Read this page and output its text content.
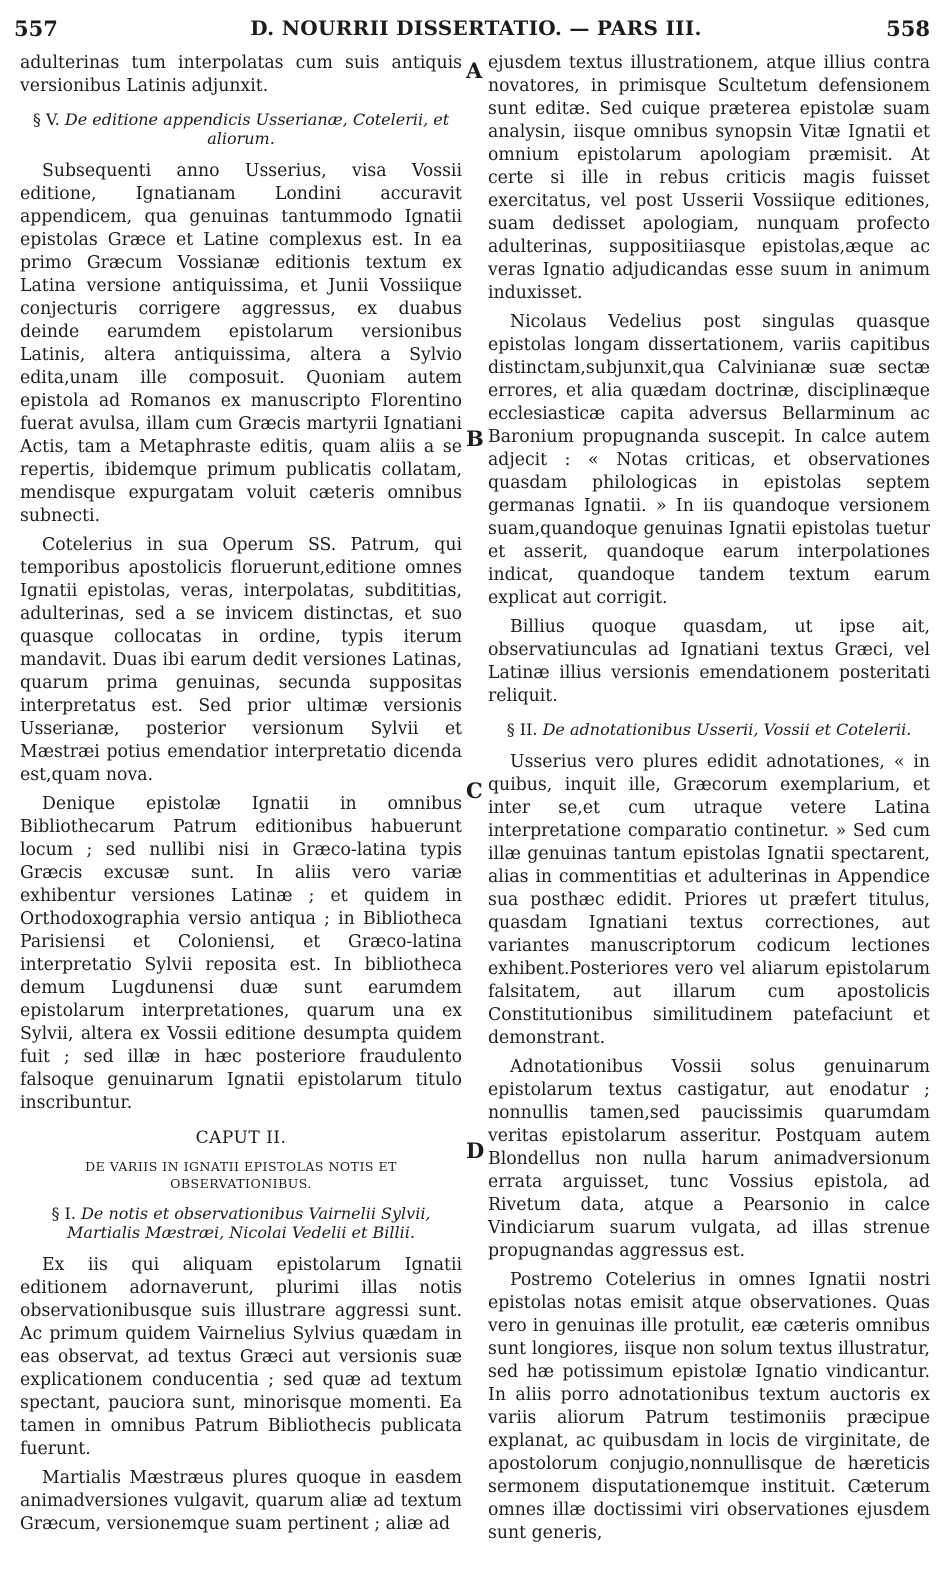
557	D. NOURRII DISSERTATIO. — PARS III.	558
A
B
C
D

adulterinas tum interpolatas cum suis antiquis versionibus Latinis adjunxit.

§ V. De editione appendicis Usserianæ, Cotelerii, et aliorum.

Subsequenti anno Usserius, visa Vossii editione, Ignatianam Londini accuravit appendicem, qua genuinas tantummodo Ignatii epistolas Græce et Latine complexus est. In ea primo Græcum Vossianæ editionis textum ex Latina versione antiquissima, et Junii Vossiique conjecturis corrigere aggressus, ex duabus deinde earumdem epistolarum versionibus Latinis, altera antiquissima, altera a Sylvio edita,unam ille composuit. Quoniam autem epistola ad Romanos ex manuscripto Florentino fuerat avulsa, illam cum Græcis martyrii Ignatiani Actis, tam a Metaphraste editis, quam aliis a se repertis, ibidemque primum publicatis collatam, mendisque expurgatam voluit cæteris omnibus subnecti.

Cotelerius in sua Operum SS. Patrum, qui temporibus apostolicis floruerunt,editione omnes Ignatii epistolas, veras, interpolatas, subdititias, adulterinas, sed a se invicem distinctas, et suo quasque collocatas in ordine, typis iterum mandavit. Duas ibi earum dedit versiones Latinas, quarum prima genuinas, secunda suppositas interpretatus est. Sed prior ultimæ versionis Usserianæ, posterior versionum Sylvii et Mæstræi potius emendatior interpretatio dicenda est,quam nova.

Denique epistolæ Ignatii in omnibus Bibliothecarum Patrum editionibus habuerunt locum ; sed nullibi nisi in Græco-latina typis Græcis excusæ sunt. In aliis vero variæ exhibentur versiones Latinæ ; et quidem in Orthodoxographia versio antiqua ; in Bibliotheca Parisiensi et Coloniensi, et Græco-latina interpretatio Sylvii reposita est. In bibliotheca demum Lugdunensi duæ sunt earumdem epistolarum interpretationes, quarum una ex Sylvii, altera ex Vossii editione desumpta quidem fuit ; sed illæ in hæc posteriore fraudulento falsoque genuinarum Ignatii epistolarum titulo inscribuntur.

CAPUT II.
DE VARIIS IN IGNATII EPISTOLAS NOTIS ET OBSERVATIONIBUS.
§ I. De notis et observationibus Vairnelii Sylvii, Martialis Mæstræi, Nicolai Vedelii et Billii.

Ex iis qui aliquam epistolarum Ignatii editionem adornaverunt, plurimi illas notis observationibusque suis illustrare aggressi sunt. Ac primum quidem Vairnelius Sylvius quædam in eas observat, ad textus Græci aut versionis suæ explicationem conducentia ; sed quæ ad textum spectant, pauciora sunt, minorisque momenti. Ea tamen in omnibus Patrum Bibliothecis publicata fuerunt.

Martialis Mæstræus plures quoque in easdem animadversiones vulgavit, quarum aliæ ad textum Græcum, versionemque suam pertinent ; aliæ ad

ejusdem textus illustrationem, atque illius contra novatores, in primisque Scultetum defensionem sunt editæ. Sed cuique præterea epistolæ suam analysin, iisque omnibus synopsin Vitæ Ignatii et omnium epistolarum apologiam præmisit. At certe si ille in rebus criticis magis fuisset exercitatus, vel post Usserii Vossiique editiones, suam dedisset apologiam, nunquam profecto adulterinas, suppositiiasque epistolas,æque ac veras Ignatio adjudicandas esse suum in animum induxisset.

Nicolaus Vedelius post singulas quasque epistolas longam dissertationem, variis capitibus distinctam,subjunxit,qua Calvinianæ suæ sectæ errores, et alia quædam doctrinæ, disciplinæque ecclesiasticæ capita adversus Bellarminum ac Baronium propugnanda suscepit. In calce autem adjecit : « Notas criticas, et observationes quasdam philologicas in epistolas septem germanas Ignatii. » In iis quandoque versionem suam,quandoque genuinas Ignatii epistolas tuetur et asserit, quandoque earum interpolationes indicat, quandoque tandem textum earum explicat aut corrigit.

Billius quoque quasdam, ut ipse ait, observatiunculas ad Ignatiani textus Græci, vel Latinæ illius versionis emendationem posteritati reliquit.

§ II. De adnotationibus Usserii, Vossii et Cotelerii.

Usserius vero plures edidit adnotationes, « in quibus, inquit ille, Græcorum exemplarium, et inter se,et cum utraque vetere Latina interpretatione comparatio continetur. » Sed cum illæ genuinas tantum epistolas Ignatii spectarent, alias in commentitias et adulterinas in Appendice sua posthæc edidit. Priores ut præfert titulus, quasdam Ignatiani textus correctiones, aut variantes manuscriptorum codicum lectiones exhibent.Posteriores vero vel aliarum epistolarum falsitatem, aut illarum cum apostolicis Constitutionibus similitudinem patefaciunt et demonstrant.

Adnotationibus Vossii solus genuinarum epistolarum textus castigatur, aut enodatur ; nonnullis tamen,sed paucissimis quarumdam veritas epistolarum asseritur. Postquam autem Blondellus non nulla harum animadversionum errata arguisset, tunc Vossius epistola, ad Rivetum data, atque a Pearsonio in calce Vindiciarum suarum vulgata, ad illas strenue propugnandas aggressus est.

Postremo Cotelerius in omnes Ignatii nostri epistolas notas emisit atque observationes. Quas vero in genuinas ille protulit, eæ cæteris omnibus sunt longiores, iisque non solum textus illustratur, sed hæ potissimum epistolæ Ignatio vindicantur. In aliis porro adnotationibus textum auctoris ex variis aliorum Patrum testimoniis præcipue explanat, ac quibusdam in locis de virginitate, de apostolorum conjugio,nonnullisque de hæreticis sermonem disputationemque instituit. Cæterum omnes illæ doctissimi viri observationes ejusdem sunt generis,
